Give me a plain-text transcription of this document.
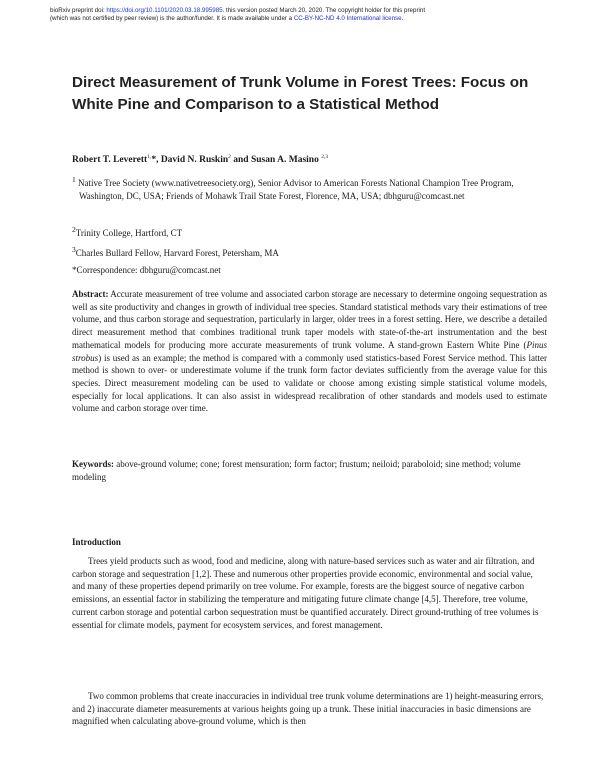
bioRxiv preprint doi: https://doi.org/10.1101/2020.03.18.995985. this version posted March 20, 2020. The copyright holder for this preprint
(which was not certified by peer review) is the author/funder. It is made available under a CC-BY-NC-ND 4.0 International license.
Direct Measurement of Trunk Volume in Forest Trees: Focus on White Pine and Comparison to a Statistical Method
Robert T. Leverett$^{1,}$*, David N. Ruskin$^2$ and Susan A. Masino $^{2,3}$
$^1$ Native Tree Society (www.nativetreesociety.org), Senior Advisor to American Forests National Champion Tree Program, Washington, DC, USA; Friends of Mohawk Trail State Forest, Florence, MA, USA; dbhguru@comcast.net
$^2$Trinity College, Hartford, CT
$^3$Charles Bullard Fellow, Harvard Forest, Petersham, MA
*Correspondence: dbhguru@comcast.net

Abstract: Accurate measurement of tree volume and associated carbon storage are necessary to determine ongoing sequestration as well as site productivity and changes in growth of individual tree species. Standard statistical methods vary their estimations of tree volume, and thus carbon storage and sequestration, particularly in larger, older trees in a forest setting. Here, we describe a detailed direct measurement method that combines traditional trunk taper models with state-of-the-art instrumentation and the best mathematical models for producing more accurate measurements of trunk volume. A stand-grown Eastern White Pine (Pinus strobus) is used as an example; the method is compared with a commonly used statistics-based Forest Service method. This latter method is shown to over- or underestimate volume if the trunk form factor deviates sufficiently from the average value for this species. Direct measurement modeling can be used to validate or choose among existing simple statistical volume models, especially for local applications. It can also assist in widespread recalibration of other standards and models used to estimate volume and carbon storage over time.

Keywords: above-ground volume; cone; forest mensuration; form factor; frustum; neiloid; paraboloid; sine method; volume modeling

Introduction

Trees yield products such as wood, food and medicine, along with nature-based services such as water and air filtration, and carbon storage and sequestration [1,2]. These and numerous other properties provide economic, environmental and social value, and many of these properties depend primarily on tree volume. For example, forests are the biggest source of negative carbon emissions, an essential factor in stabilizing the temperature and mitigating future climate change [4,5]. Therefore, tree volume, current carbon storage and potential carbon sequestration must be quantified accurately. Direct ground-truthing of tree volumes is essential for climate models, payment for ecosystem services, and forest management.

Two common problems that create inaccuracies in individual tree trunk volume determinations are 1) height-measuring errors, and 2) inaccurate diameter measurements at various heights going up a trunk. These initial inaccuracies in basic dimensions are magnified when calculating above-ground volume, which is then
